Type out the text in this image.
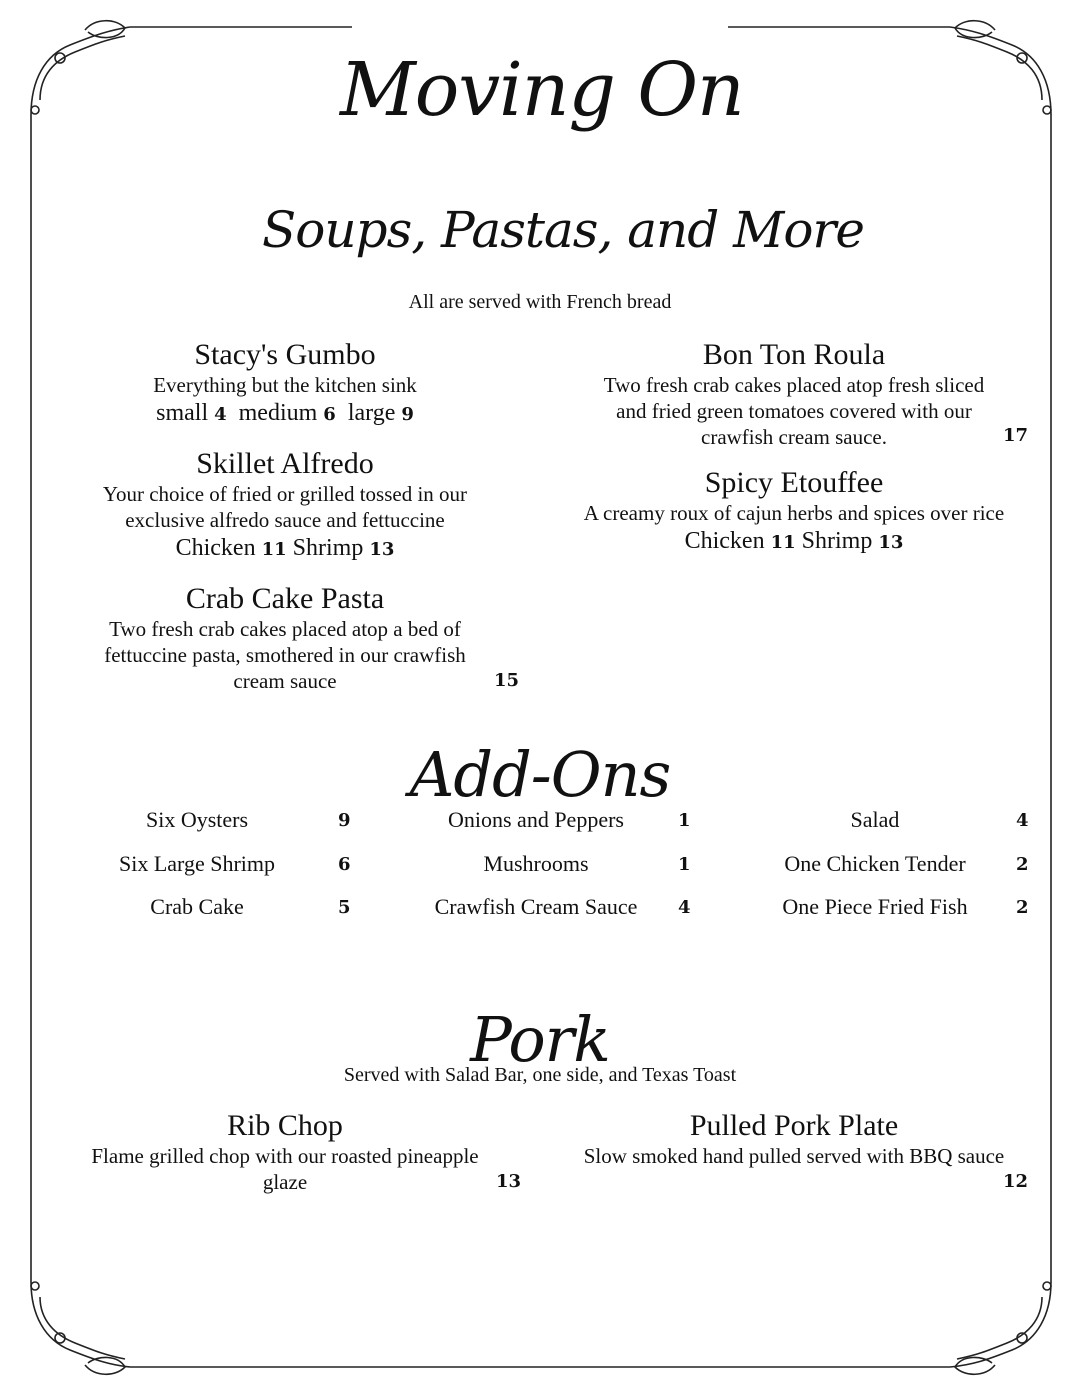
Moving On
Soups, Pastas, and More
All are served with French bread
Stacy's Gumbo
Everything but the kitchen sink
small 4 medium 6 large 9
Skillet Alfredo
Your choice of fried or grilled tossed in our exclusive alfredo sauce and fettuccine
Chicken 11 Shrimp 13
Crab Cake Pasta
Two fresh crab cakes placed atop a bed of
fettuccine pasta, smothered in our crawfish
cream sauce	15
Bon Ton Roula
Two fresh crab cakes placed atop fresh sliced
and fried green tomatoes covered with our
crawfish cream sauce.	17
Spicy Etouffee
A creamy roux of cajun herbs and spices over rice
Chicken 11 Shrimp 13
Add-Ons
Six Oysters	9
Six Large Shrimp	6
Crab Cake	5
Onions and Peppers	1
Mushrooms	1
Crawfish Cream Sauce	4
Salad	4
One Chicken Tender	2
One Piece Fried Fish	2
Pork
Served with Salad Bar, one side, and Texas Toast
Rib Chop
Flame grilled chop with our roasted pineapple
glaze	13
Pulled Pork Plate
Slow smoked hand pulled served with BBQ sauce
12
